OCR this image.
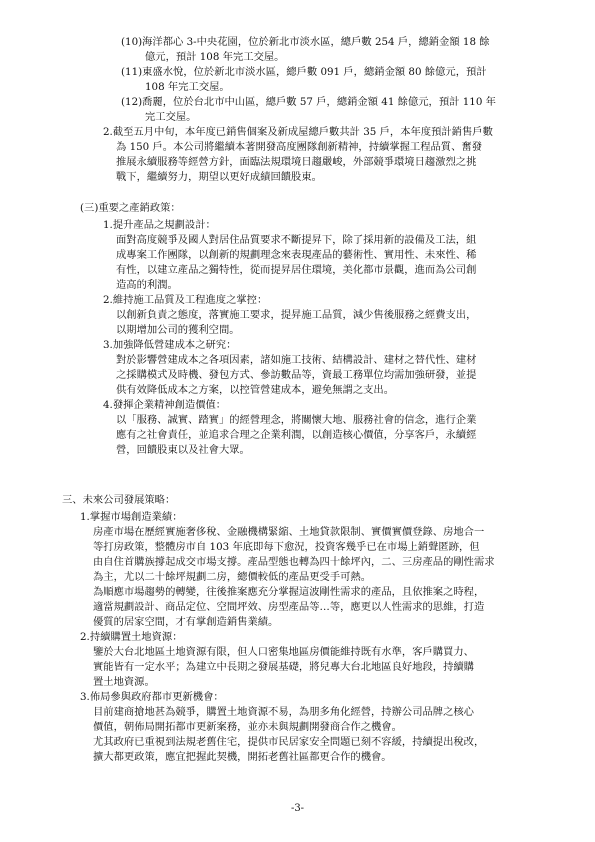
(10)海洋都心 3-中央花園，位於新北市淡水區，總戶數 254 戶，總銷金額 18 餘
億元，預計 108 年完工交屋。
(11)東盛水悅，位於新北市淡水區，總戶數 091 戶，總銷金額 80 餘億元，預計
108 年完工交屋。
(12)喬麗，位於台北市中山區，總戶數 57 戶，總銷金額 41 餘億元，預計 110 年
完工交屋。
2.截至五月中旬，本年度已銷售個案及新成屋總戶數共計 35 戶，本年度預計銷售戶數
為 150 戶。本公司將繼續本著開發高度團隊創新精神，持續掌握工程品質、奮發
推展永續服務等經營方針，面臨法規環境日趨嚴峻，外部競爭環境日趨激烈之挑
戰下，繼續努力，期望以更好成績回饋股東。
(三)重要之產銷政策：
1.提升產品之規劃設計：
面對高度競爭及國人對居住品質要求不斷提昇下，除了採用新的設備及工法，組
成專案工作團隊，以創新的規劃理念來表現產品的藝術性、實用性、未來性、稀
有性，以建立產品之獨特性，從而提昇居住環境，美化都市景觀，進而為公司創
造高的利潤。
2.維持施工品質及工程進度之掌控：
以創新負責之態度，落實施工要求，提昇施工品質，減少售後服務之經費支出，
以期增加公司的獲利空間。
3.加強降低營建成本之研究：
對於影響營建成本之各項因素，諸如施工技術、結構設計、建材之替代性、建材
之採購模式及時機、發包方式、參訪數品等，資最工務單位均需加強研發，並提
供有效降低成本之方案，以控管營建成本，避免無謂之支出。
4.發揮企業精神創造價值：
以「服務、誠實、踏實」的經營理念，將關懷大地、服務社會的信念，進行企業
應有之社會責任，並追求合理之企業利潤，以創造核心價值，分享客戶，永續經
營，回饋股東以及社會大眾。
三、未來公司發展策略：
1.掌握市場創造業績：
房產市場在歷經實施奢侈稅、金融機構緊縮、土地貸款限制、實價實價登錄、房地合一
等打房政策，整體房市自 103 年底即每下愈況，投資客幾乎已在市場上銷聲匿跡，但
由自住首購族撐起成交市場支撐。產品型態也轉為四十餘坪內，二、三房產品的剛性需求
為主，尤以二十餘坪規劃二房，總價較低的產品更受手可熱。
為順應市場趨勢的轉變，往後推案應充分掌握這波剛性需求的產品，且依推案之時程，
適當規劃設計、商品定位、空間坪效、房型產品等…等，應更以人性需求的思維，打造
優質的居家空間，才有掌創造銷售業績。
2.持續購置土地資源：
鑒於大台北地區土地資源有限，但人口密集地區房價能維持既有水準，客戶購買力、
實能皆有一定水平；為建立中長期之發展基礎，將兒專大台北地區良好地段，持續購
置土地資源。
3.佈局參與政府都市更新機會：
目前建商搶地甚為競爭，購置土地資源不易，為朋多角化經營，持辦公司品牌之核心
價值，朝佈局開拓都市更新案務，並亦未與規劃開發商合作之機會。
尤其政府已重視到法規老舊住宅，提供市民居家安全問題已刻不容緩，持續提出稅改，
擴大都更政策，應宜把握此契機，開拓老舊社區都更合作的機會。
-3-
